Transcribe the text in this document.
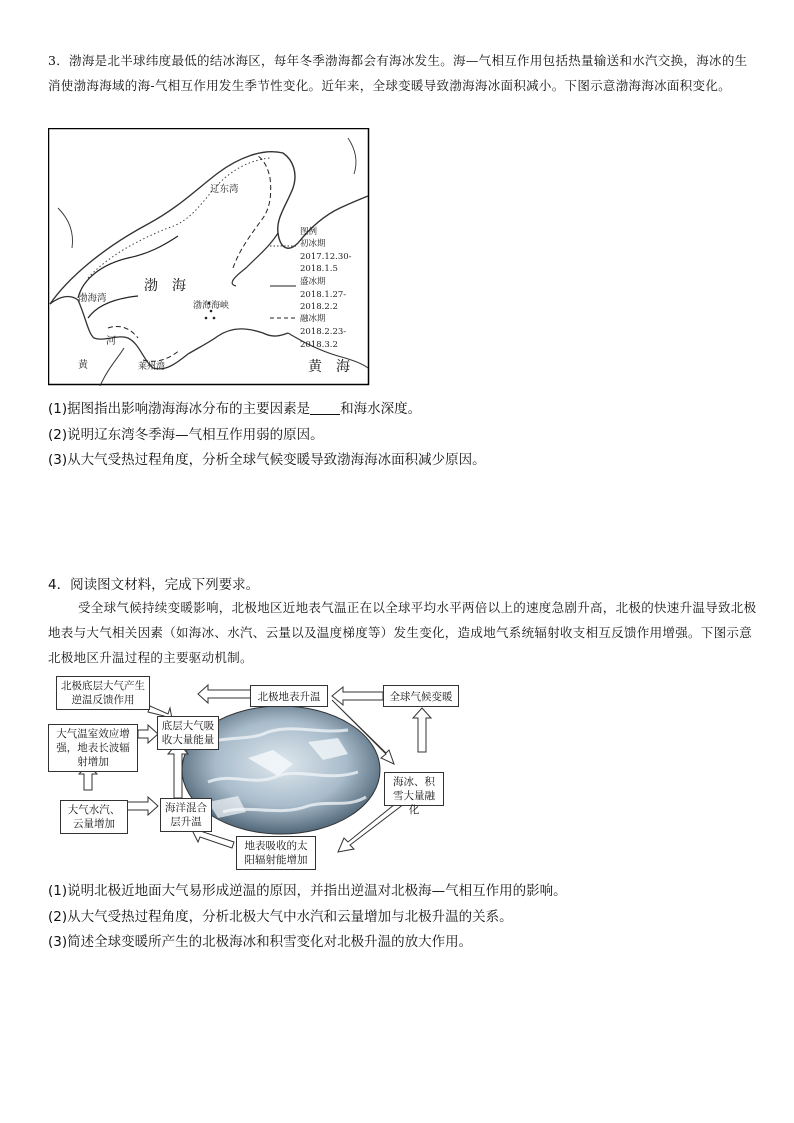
3．渤海是北半球纬度最低的结冰海区，每年冬季渤海都会有海冰发生。海—气相互作用包括热量输送和水汽交换，海冰的生消使渤海海域的海-气相互作用发生季节性变化。近年来，全球变暖导致渤海海冰面积减小。下图示意渤海海冰面积变化。
辽东湾
渤　海
渤海湾
渤海海峡
莱州湾
河
黄	黄　海
图例
初冰期
2017.12.30-
2018.1.5
盛冰期
2018.1.27-
2018.2.2
融冰期
2018.2.23-
2018.3.2
(1)据图指出影响渤海海冰分布的主要因素是 和海水深度。
(2)说明辽东湾冬季海—气相互作用弱的原因。
(3)从大气受热过程角度，分析全球气候变暖导致渤海海冰面积减少原因。
4．阅读图文材料，完成下列要求。
受全球气候持续变暖影响，北极地区近地表气温正在以全球平均水平两倍以上的速度急剧升高，北极的快速升温导致北极地表与大气相关因素（如海冰、水汽、云量以及温度梯度等）发生变化，造成地气系统辐射收支相互反馈作用增强。下图示意北极地区升温过程的主要驱动机制。
北极底层大气产生逆温反馈作用	北极地表升温	全球气候变暖
大气温室效应增强，地表长波辐射增加
底层大气吸收大量能量
海冰、积雪大量融化
大气水汽、云量增加
海洋混合层升温
地表吸收的太阳辐射能增加
(1)说明北极近地面大气易形成逆温的原因，并指出逆温对北极海—气相互作用的影响。
(2)从大气受热过程角度，分析北极大气中水汽和云量增加与北极升温的关系。
(3)简述全球变暖所产生的北极海冰和积雪变化对北极升温的放大作用。
